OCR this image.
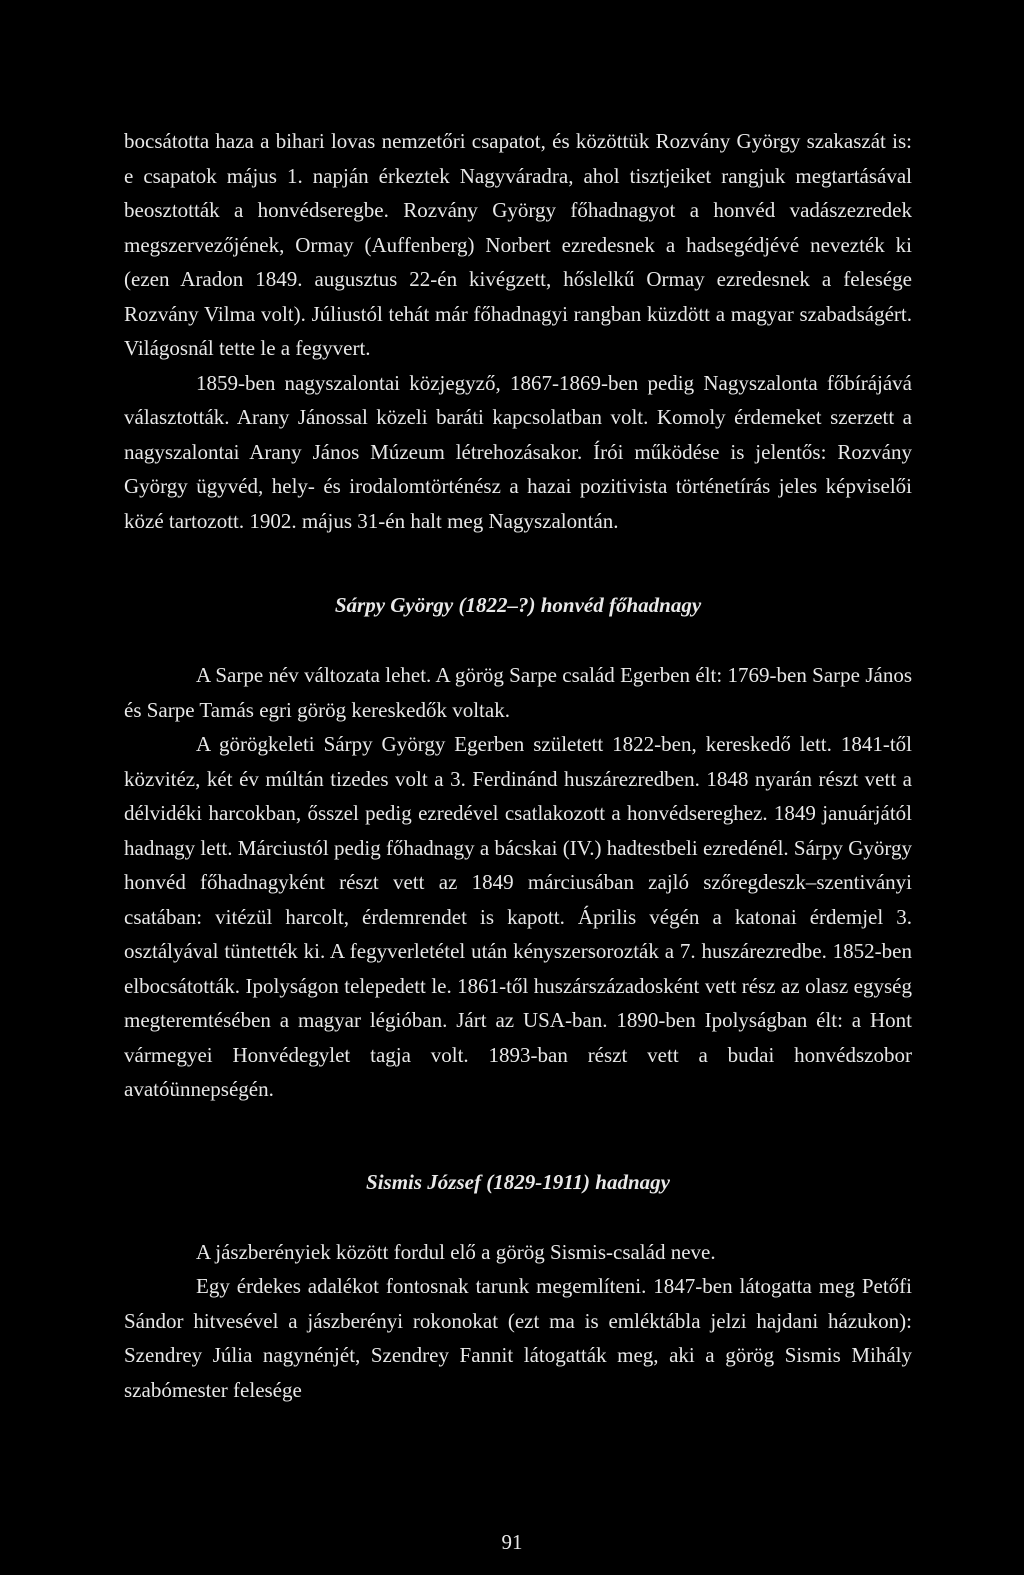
bocsátotta haza a bihari lovas nemzetőri csapatot, és közöttük Rozvány György szakaszát is: e csapatok május 1. napján érkeztek Nagyváradra, ahol tisztjeiket rangjuk megtartásával beosztották a honvédseregbe. Rozvány György főhadnagyot a honvéd vadászezredek megszervezőjének, Ormay (Auffenberg) Norbert ezredesnek a hadsegédjévé nevezték ki (ezen Aradon 1849. augusztus 22-én kivégzett, hőslelkű Ormay ezredesnek a felesége Rozvány Vilma volt). Júliustól tehát már főhadnagyi rangban küzdött a magyar szabadságért. Világosnál tette le a fegyvert.

1859-ben nagyszalontai közjegyző, 1867-1869-ben pedig Nagyszalonta főbírájává választották. Arany Jánossal közeli baráti kapcsolatban volt. Komoly érdemeket szerzett a nagyszalontai Arany János Múzeum létrehozásakor. Írói működése is jelentős: Rozvány György ügyvéd, hely- és irodalomtörténész a hazai pozitivista történetírás jeles képviselői közé tartozott. 1902. május 31-én halt meg Nagyszalontán.

Sárpy György (1822–?) honvéd főhadnagy

A Sarpe név változata lehet. A görög Sarpe család Egerben élt: 1769-ben Sarpe János és Sarpe Tamás egri görög kereskedők voltak.

A görögkeleti Sárpy György Egerben született 1822-ben, kereskedő lett. 1841-től közvitéz, két év múltán tizedes volt a 3. Ferdinánd huszárezredben. 1848 nyarán részt vett a délvidéki harcokban, ősszel pedig ezredével csatlakozott a honvédsereghez. 1849 januárjától hadnagy lett. Márciustól pedig főhadnagy a bácskai (IV.) hadtestbeli ezredénél. Sárpy György honvéd főhadnagyként részt vett az 1849 márciusában zajló szőregdeszk–szentiványi csatában: vitézül harcolt, érdemrendet is kapott. Április végén a katonai érdemjel 3. osztályával tüntették ki. A fegyverletétel után kényszersorozták a 7. huszárezredbe. 1852-ben elbocsátották. Ipolyságon telepedett le. 1861-től huszárszázadosként vett rész az olasz egység megteremtésében a magyar légióban. Járt az USA-ban. 1890-ben Ipolyságban élt: a Hont vármegyei Honvédegylet tagja volt. 1893-ban részt vett a budai honvédszobor avatóünnepségén.

Sismis József (1829-1911) hadnagy

A jászberényiek között fordul elő a görög Sismis-család neve.

Egy érdekes adalékot fontosnak tarunk megemlíteni. 1847-ben látogatta meg Petőfi Sándor hitvesével a jászberényi rokonokat (ezt ma is emléktábla jelzi hajdani házukon): Szendrey Júlia nagynénjét, Szendrey Fannit látogatták meg, aki a görög Sismis Mihály szabómester felesége

91
